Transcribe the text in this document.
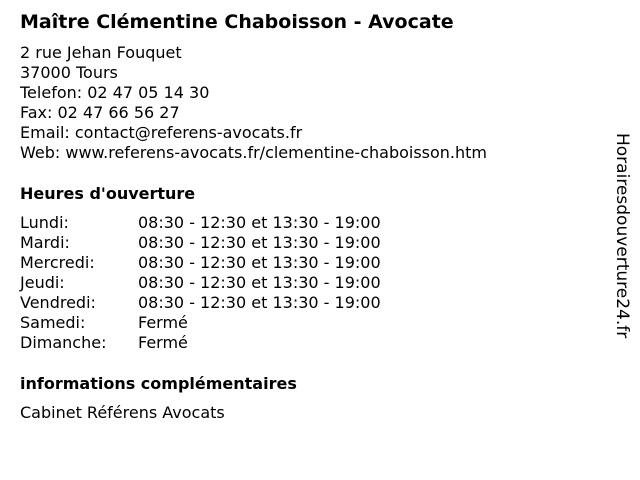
Maître Clémentine Chaboisson - Avocate
2 rue Jehan Fouquet
37000 Tours
Telefon: 02 47 05 14 30
Fax: 02 47 66 56 27
Email: contact@referens-avocats.fr
Web: www.referens-avocats.fr/clementine-chaboisson.htm
Heures d'ouverture
Lundi:	08:30 - 12:30 et 13:30 - 19:00
Mardi:	08:30 - 12:30 et 13:30 - 19:00
Mercredi:	08:30 - 12:30 et 13:30 - 19:00
Jeudi:	08:30 - 12:30 et 13:30 - 19:00
Vendredi:	08:30 - 12:30 et 13:30 - 19:00
Samedi:	Fermé
Dimanche:	Fermé
informations complémentaires
Cabinet Référens Avocats
Horairesdouverture24.fr
